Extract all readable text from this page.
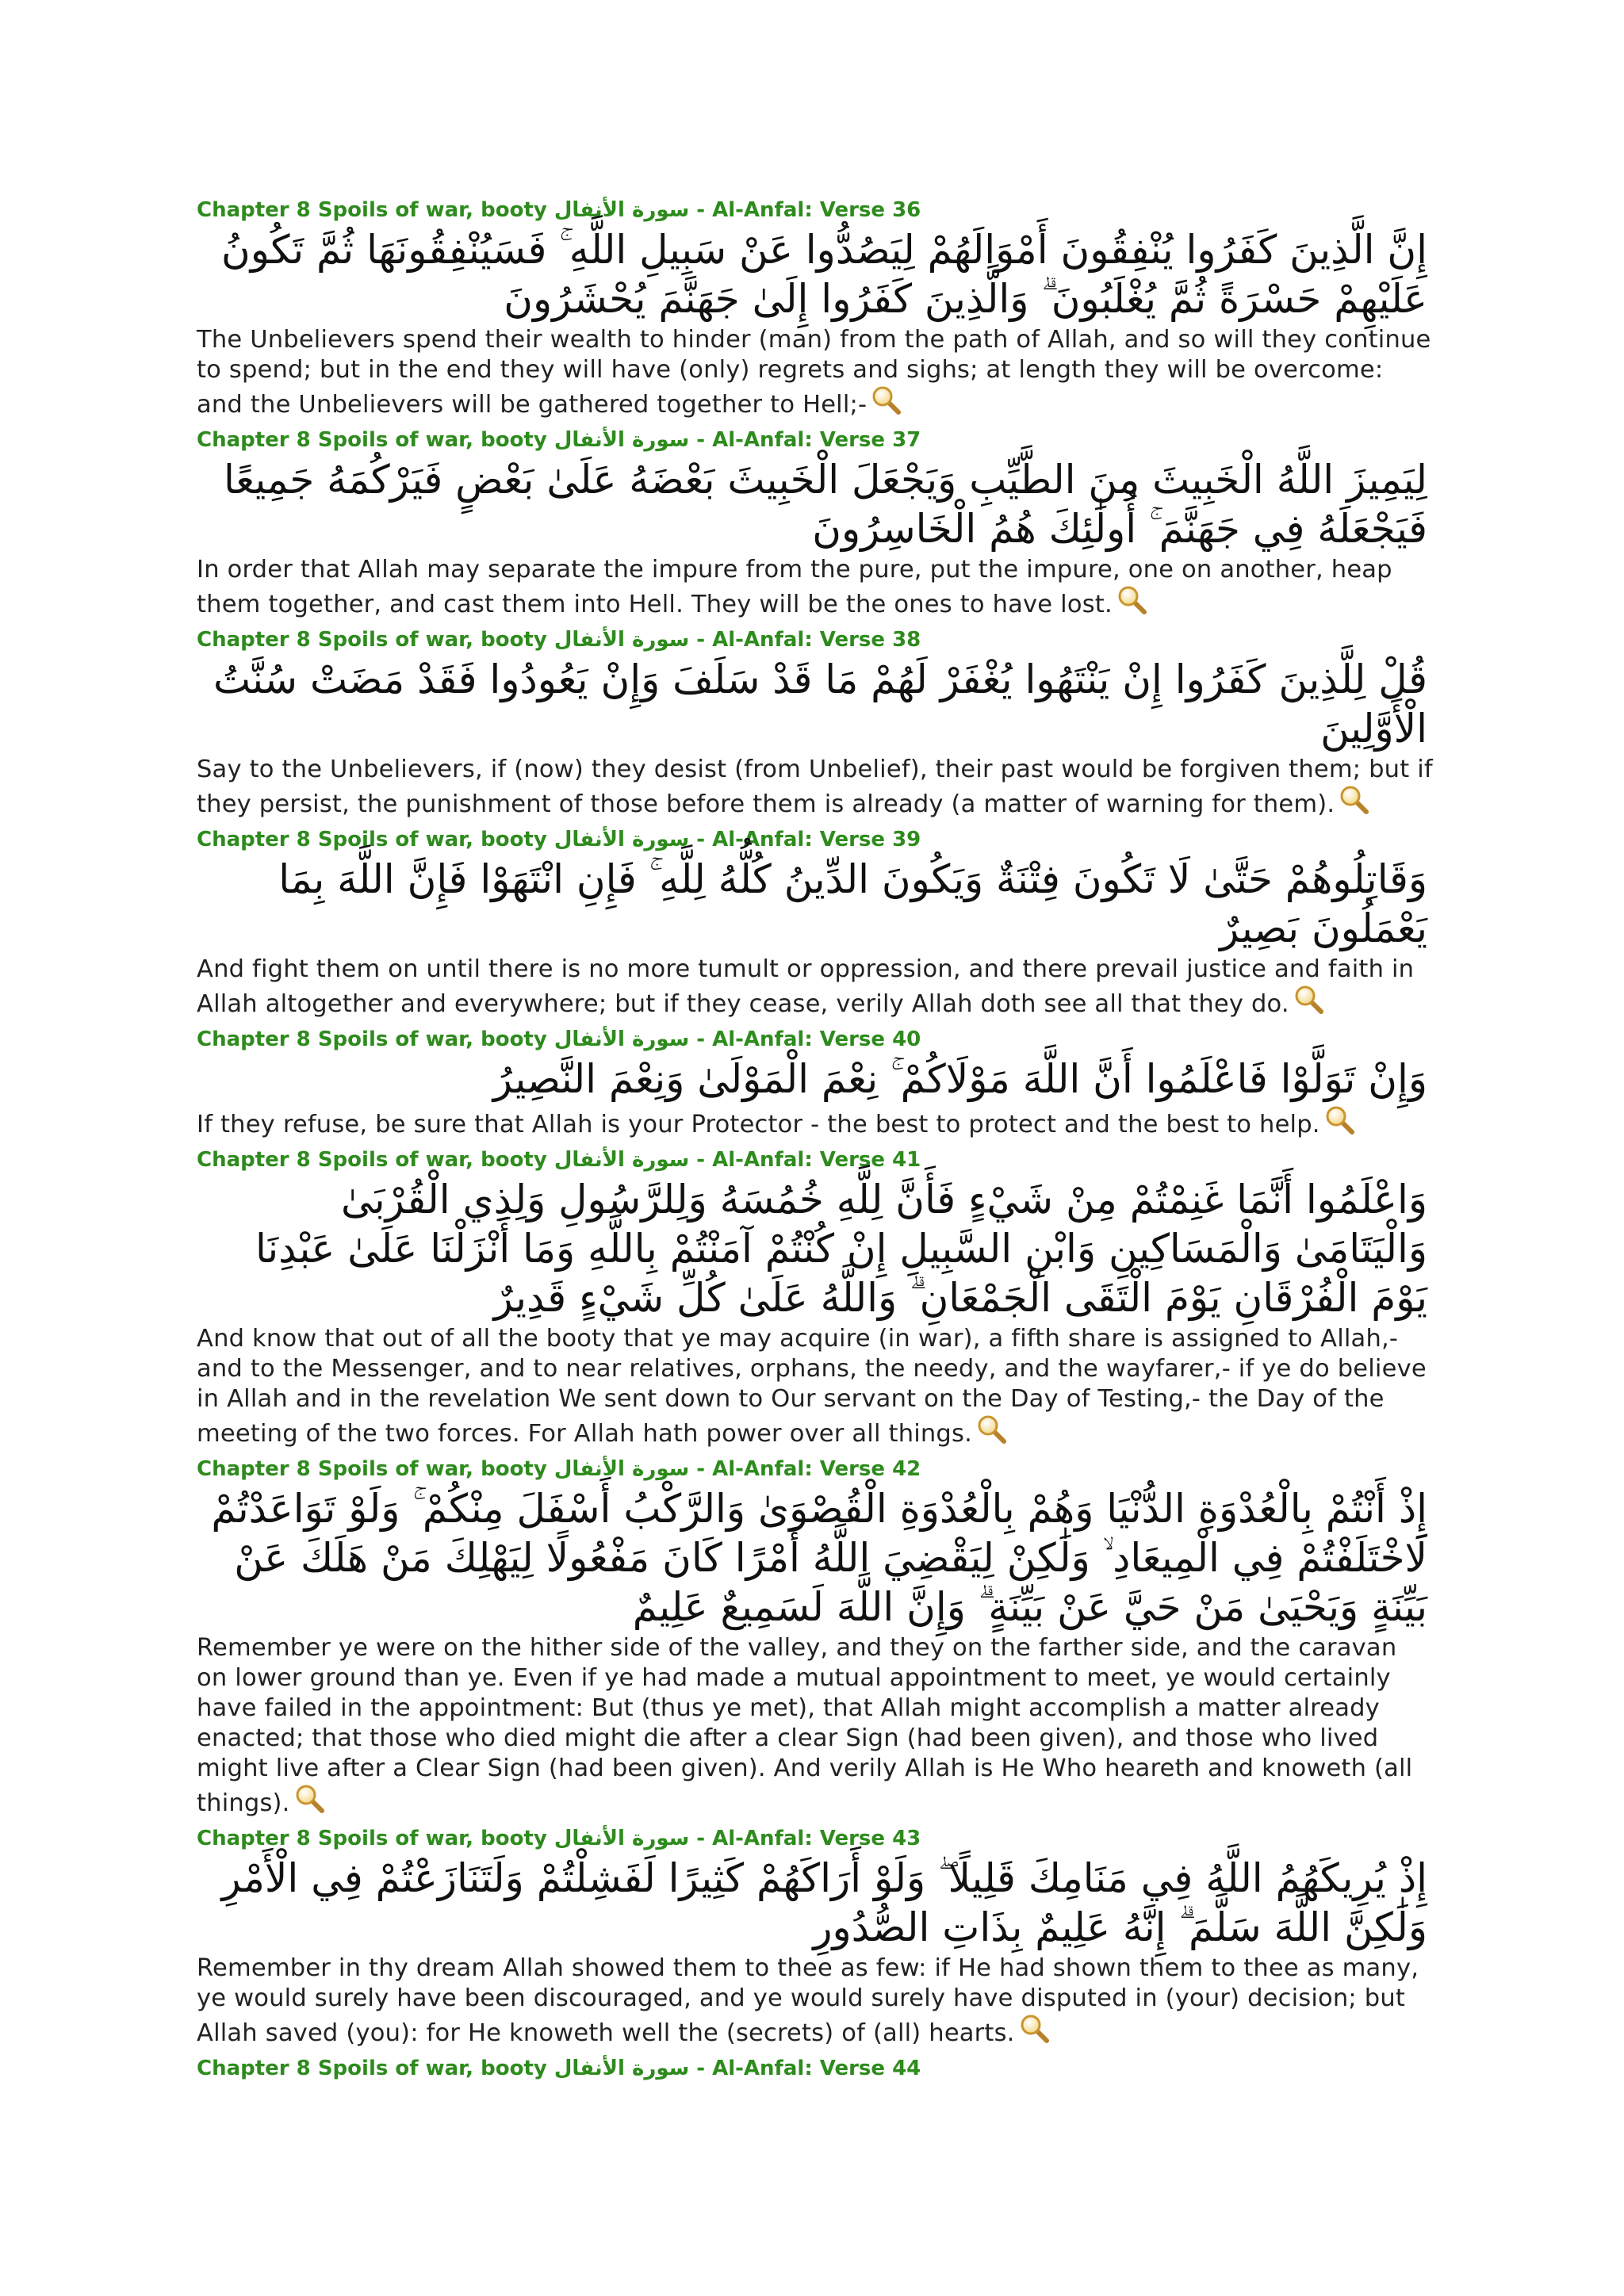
Chapter 8 Spoils of war, booty سورة الأنفال - Al-Anfal: Verse 36
إِنَّ الَّذِينَ كَفَرُوا يُنْفِقُونَ أَمْوَالَهُمْ لِيَصُدُّوا عَنْ سَبِيلِ اللَّهِ ۚ فَسَيُنْفِقُونَهَا ثُمَّ تَكُونُ عَلَيْهِمْ حَسْرَةً ثُمَّ يُغْلَبُونَ ۗ وَالَّذِينَ كَفَرُوا إِلَىٰ جَهَنَّمَ يُحْشَرُونَ
The Unbelievers spend their wealth to hinder (man) from the path of Allah, and so will they continue to spend; but in the end they will have (only) regrets and sighs; at length they will be overcome: and the Unbelievers will be gathered together to Hell;-
Chapter 8 Spoils of war, booty سورة الأنفال - Al-Anfal: Verse 37
لِيَمِيزَ اللَّهُ الْخَبِيثَ مِنَ الطَّيِّبِ وَيَجْعَلَ الْخَبِيثَ بَعْضَهُ عَلَىٰ بَعْضٍ فَيَرْكُمَهُ جَمِيعًا فَيَجْعَلَهُ فِي جَهَنَّمَ ۚ أُولَٰئِكَ هُمُ الْخَاسِرُونَ
In order that Allah may separate the impure from the pure, put the impure, one on another, heap them together, and cast them into Hell. They will be the ones to have lost.
Chapter 8 Spoils of war, booty سورة الأنفال - Al-Anfal: Verse 38
قُلْ لِلَّذِينَ كَفَرُوا إِنْ يَنْتَهُوا يُغْفَرْ لَهُمْ مَا قَدْ سَلَفَ وَإِنْ يَعُودُوا فَقَدْ مَضَتْ سُنَّتُ الْأَوَّلِينَ
Say to the Unbelievers, if (now) they desist (from Unbelief), their past would be forgiven them; but if they persist, the punishment of those before them is already (a matter of warning for them).
Chapter 8 Spoils of war, booty سورة الأنفال - Al-Anfal: Verse 39
وَقَاتِلُوهُمْ حَتَّىٰ لَا تَكُونَ فِتْنَةٌ وَيَكُونَ الدِّينُ كُلُّهُ لِلَّهِ ۚ فَإِنِ انْتَهَوْا فَإِنَّ اللَّهَ بِمَا يَعْمَلُونَ بَصِيرٌ
And fight them on until there is no more tumult or oppression, and there prevail justice and faith in Allah altogether and everywhere; but if they cease, verily Allah doth see all that they do.
Chapter 8 Spoils of war, booty سورة الأنفال - Al-Anfal: Verse 40
وَإِنْ تَوَلَّوْا فَاعْلَمُوا أَنَّ اللَّهَ مَوْلَاكُمْ ۚ نِعْمَ الْمَوْلَىٰ وَنِعْمَ النَّصِيرُ
If they refuse, be sure that Allah is your Protector - the best to protect and the best to help.
Chapter 8 Spoils of war, booty سورة الأنفال - Al-Anfal: Verse 41
وَاعْلَمُوا أَنَّمَا غَنِمْتُمْ مِنْ شَيْءٍ فَأَنَّ لِلَّهِ خُمُسَهُ وَلِلرَّسُولِ وَلِذِي الْقُرْبَىٰ وَالْيَتَامَىٰ وَالْمَسَاكِينِ وَابْنِ السَّبِيلِ إِنْ كُنْتُمْ آمَنْتُمْ بِاللَّهِ وَمَا أَنْزَلْنَا عَلَىٰ عَبْدِنَا يَوْمَ الْفُرْقَانِ يَوْمَ الْتَقَى الْجَمْعَانِ ۗ وَاللَّهُ عَلَىٰ كُلِّ شَيْءٍ قَدِيرٌ
And know that out of all the booty that ye may acquire (in war), a fifth share is assigned to Allah,- and to the Messenger, and to near relatives, orphans, the needy, and the wayfarer,- if ye do believe in Allah and in the revelation We sent down to Our servant on the Day of Testing,- the Day of the meeting of the two forces. For Allah hath power over all things.
Chapter 8 Spoils of war, booty سورة الأنفال - Al-Anfal: Verse 42
إِذْ أَنْتُمْ بِالْعُدْوَةِ الدُّنْيَا وَهُمْ بِالْعُدْوَةِ الْقُصْوَىٰ وَالرَّكْبُ أَسْفَلَ مِنْكُمْ ۚ وَلَوْ تَوَاعَدْتُمْ لَاخْتَلَفْتُمْ فِي الْمِيعَادِ ۙ وَلَٰكِنْ لِيَقْضِيَ اللَّهُ أَمْرًا كَانَ مَفْعُولًا لِيَهْلِكَ مَنْ هَلَكَ عَنْ بَيِّنَةٍ وَيَحْيَىٰ مَنْ حَيَّ عَنْ بَيِّنَةٍ ۗ وَإِنَّ اللَّهَ لَسَمِيعٌ عَلِيمٌ
Remember ye were on the hither side of the valley, and they on the farther side, and the caravan on lower ground than ye. Even if ye had made a mutual appointment to meet, ye would certainly have failed in the appointment: But (thus ye met), that Allah might accomplish a matter already enacted; that those who died might die after a clear Sign (had been given), and those who lived might live after a Clear Sign (had been given). And verily Allah is He Who heareth and knoweth (all things).
Chapter 8 Spoils of war, booty سورة الأنفال - Al-Anfal: Verse 43
إِذْ يُرِيكَهُمُ اللَّهُ فِي مَنَامِكَ قَلِيلًا ۖ وَلَوْ أَرَاكَهُمْ كَثِيرًا لَفَشِلْتُمْ وَلَتَنَازَعْتُمْ فِي الْأَمْرِ وَلَٰكِنَّ اللَّهَ سَلَّمَ ۗ إِنَّهُ عَلِيمٌ بِذَاتِ الصُّدُورِ
Remember in thy dream Allah showed them to thee as few: if He had shown them to thee as many, ye would surely have been discouraged, and ye would surely have disputed in (your) decision; but Allah saved (you): for He knoweth well the (secrets) of (all) hearts.
Chapter 8 Spoils of war, booty سورة الأنفال - Al-Anfal: Verse 44
